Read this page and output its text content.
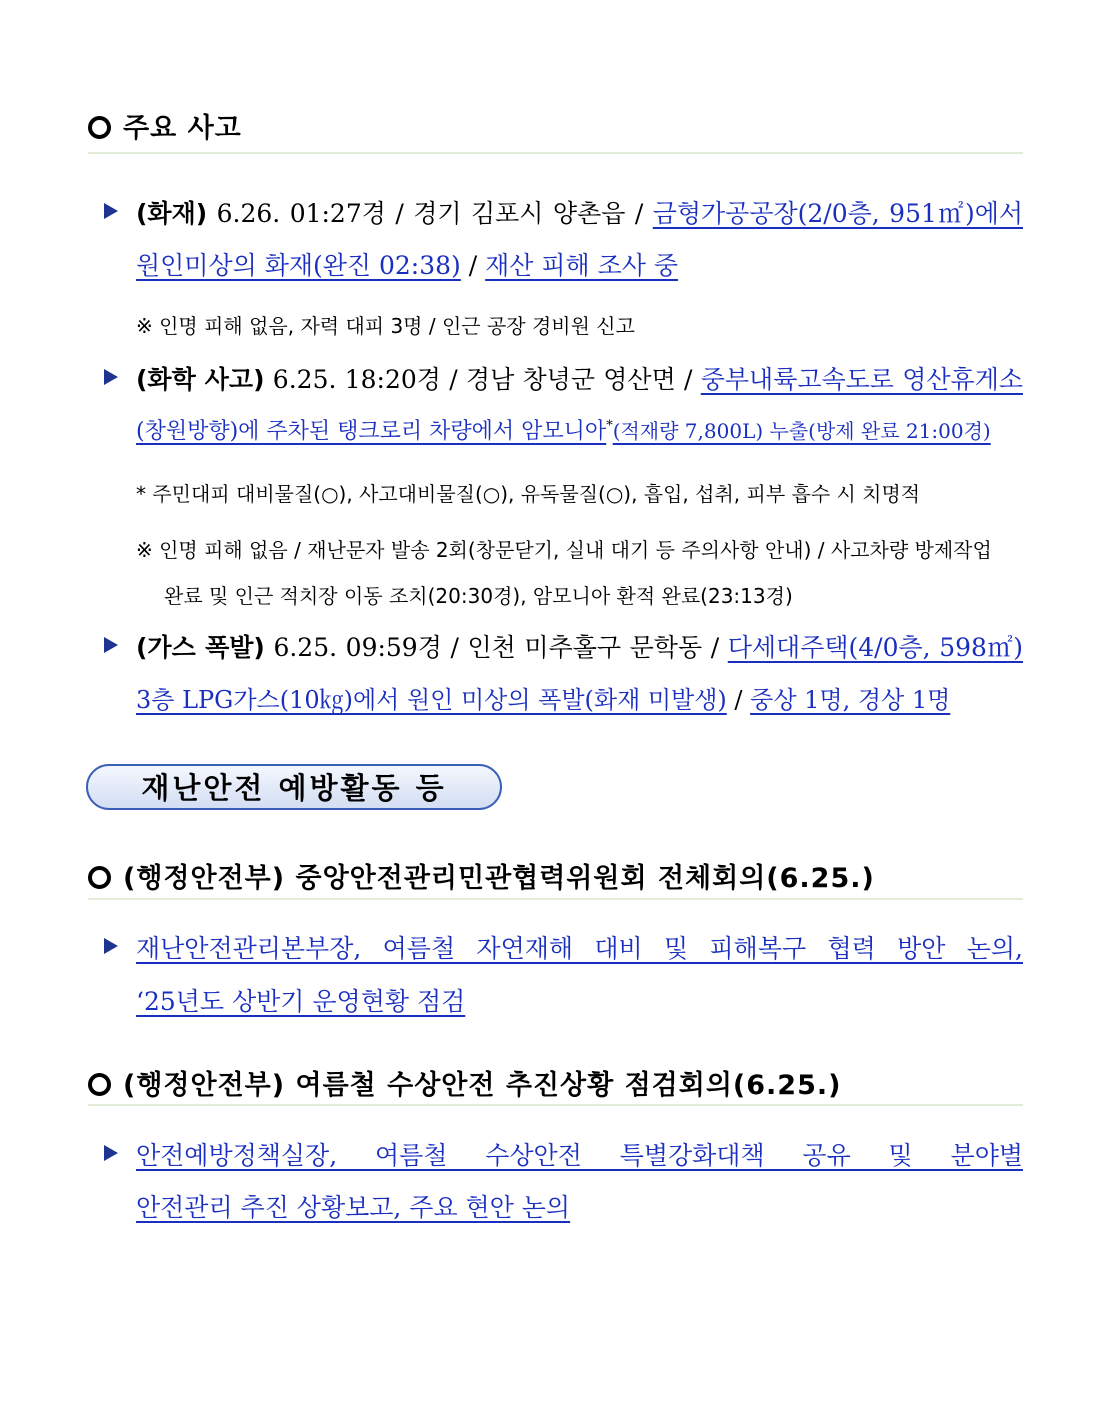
주요 사고
(화재) 6.26. 01:27경 / 경기 김포시 양촌읍 / 금형가공공장(2/0층, 951㎡)에서
원인미상의 화재(완진 02:38) / 재산 피해 조사 중
※ 인명 피해 없음, 자력 대피 3명 / 인근 공장 경비원 신고
(화학 사고) 6.25. 18:20경 / 경남 창녕군 영산면 / 중부내륙고속도로 영산휴게소
(창원방향)에 주차된 탱크로리 차량에서 암모니아*(적재량 7,800L) 누출(방제 완료 21:00경)
* 주민대피 대비물질(○), 사고대비물질(○), 유독물질(○), 흡입, 섭취, 피부 흡수 시 치명적
※ 인명 피해 없음 / 재난문자 발송 2회(창문닫기, 실내 대기 등 주의사항 안내) / 사고차량 방제작업
완료 및 인근 적치장 이동 조치(20:30경), 암모니아 환적 완료(23:13경)
(가스 폭발) 6.25. 09:59경 / 인천 미추홀구 문학동 / 다세대주택(4/0층, 598㎡)
3층 LPG가스(10㎏)에서 원인 미상의 폭발(화재 미발생) / 중상 1명, 경상 1명
재난안전 예방활동 등
(행정안전부) 중앙안전관리민관협력위원회 전체회의(6.25.)
재난안전관리본부장, 여름철 자연재해 대비 및 피해복구 협력 방안 논의,
‘25년도 상반기 운영현황 점검
(행정안전부) 여름철 수상안전 추진상황 점검회의(6.25.)
안전예방정책실장, 여름철 수상안전 특별강화대책 공유 및 분야별
안전관리 추진 상황보고, 주요 현안 논의
